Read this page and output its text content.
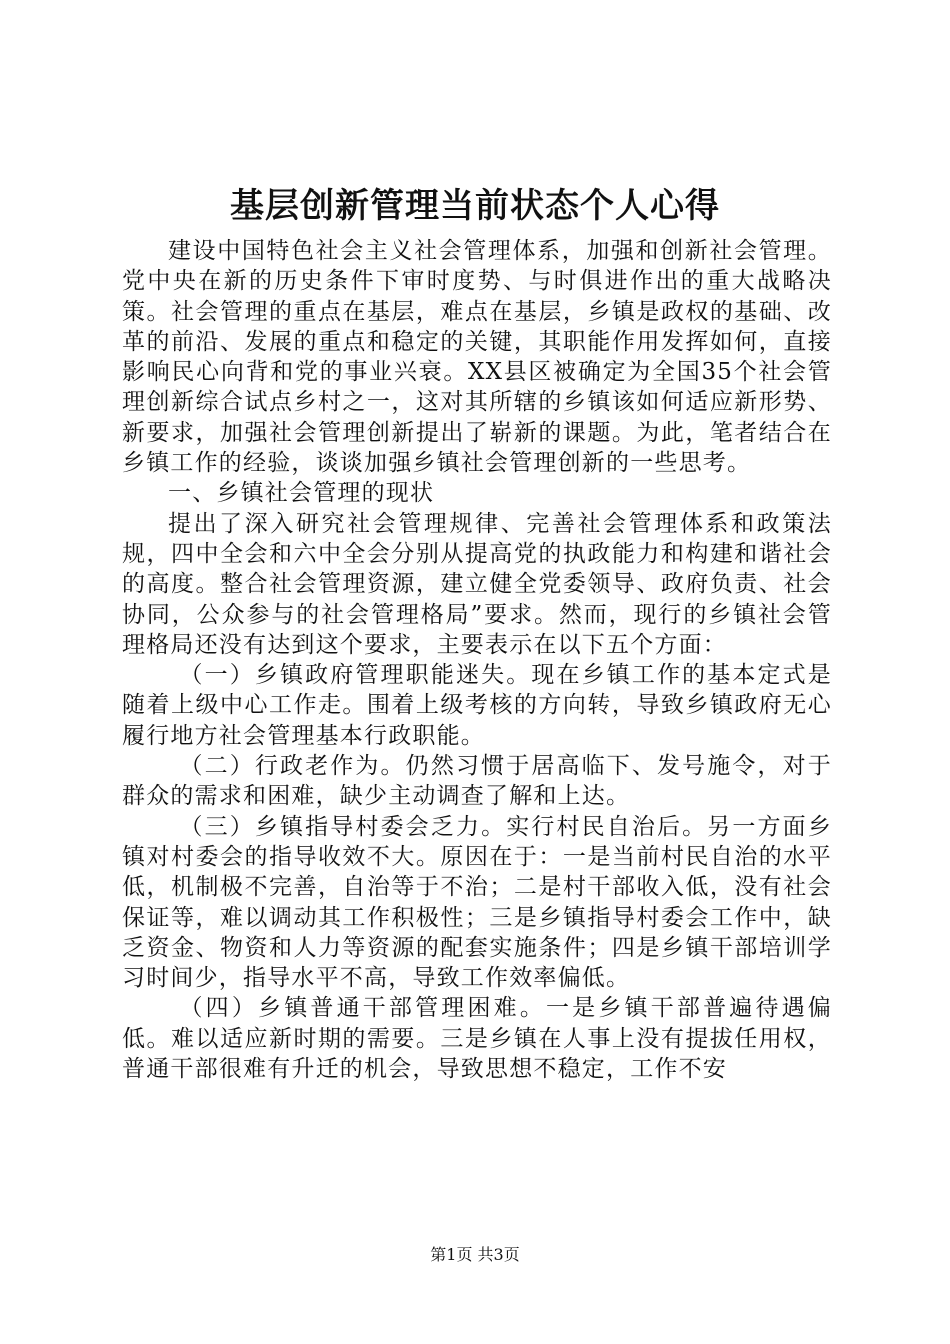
基层创新管理当前状态个人心得

建设中国特色社会主义社会管理体系，加强和创新社会管理。党中央在新的历史条件下审时度势、与时俱进作出的重大战略决策。社会管理的重点在基层，难点在基层，乡镇是政权的基础、改革的前沿、发展的重点和稳定的关键，其职能作用发挥如何，直接影响民心向背和党的事业兴衰。XX县区被确定为全国35个社会管理创新综合试点乡村之一，这对其所辖的乡镇该如何适应新形势、新要求，加强社会管理创新提出了崭新的课题。为此，笔者结合在乡镇工作的经验，谈谈加强乡镇社会管理创新的一些思考。

一、乡镇社会管理的现状

提出了深入研究社会管理规律、完善社会管理体系和政策法规，四中全会和六中全会分别从提高党的执政能力和构建和谐社会的高度。整合社会管理资源，建立健全党委领导、政府负责、社会协同，公众参与的社会管理格局”要求。然而，现行的乡镇社会管理格局还没有达到这个要求，主要表示在以下五个方面：

（一）乡镇政府管理职能迷失。现在乡镇工作的基本定式是随着上级中心工作走。围着上级考核的方向转，导致乡镇政府无心履行地方社会管理基本行政职能。

（二）行政老作为。仍然习惯于居高临下、发号施令，对于群众的需求和困难，缺少主动调查了解和上达。

（三）乡镇指导村委会乏力。实行村民自治后。另一方面乡镇对村委会的指导收效不大。原因在于：一是当前村民自治的水平低，机制极不完善，自治等于不治；二是村干部收入低，没有社会保证等，难以调动其工作积极性；三是乡镇指导村委会工作中，缺乏资金、物资和人力等资源的配套实施条件；四是乡镇干部培训学习时间少，指导水平不高，导致工作效率偏低。

（四）乡镇普通干部管理困难。一是乡镇干部普遍待遇偏低。难以适应新时期的需要。三是乡镇在人事上没有提拔任用权，普通干部很难有升迁的机会，导致思想不稳定，工作不安

第1页 共3页
